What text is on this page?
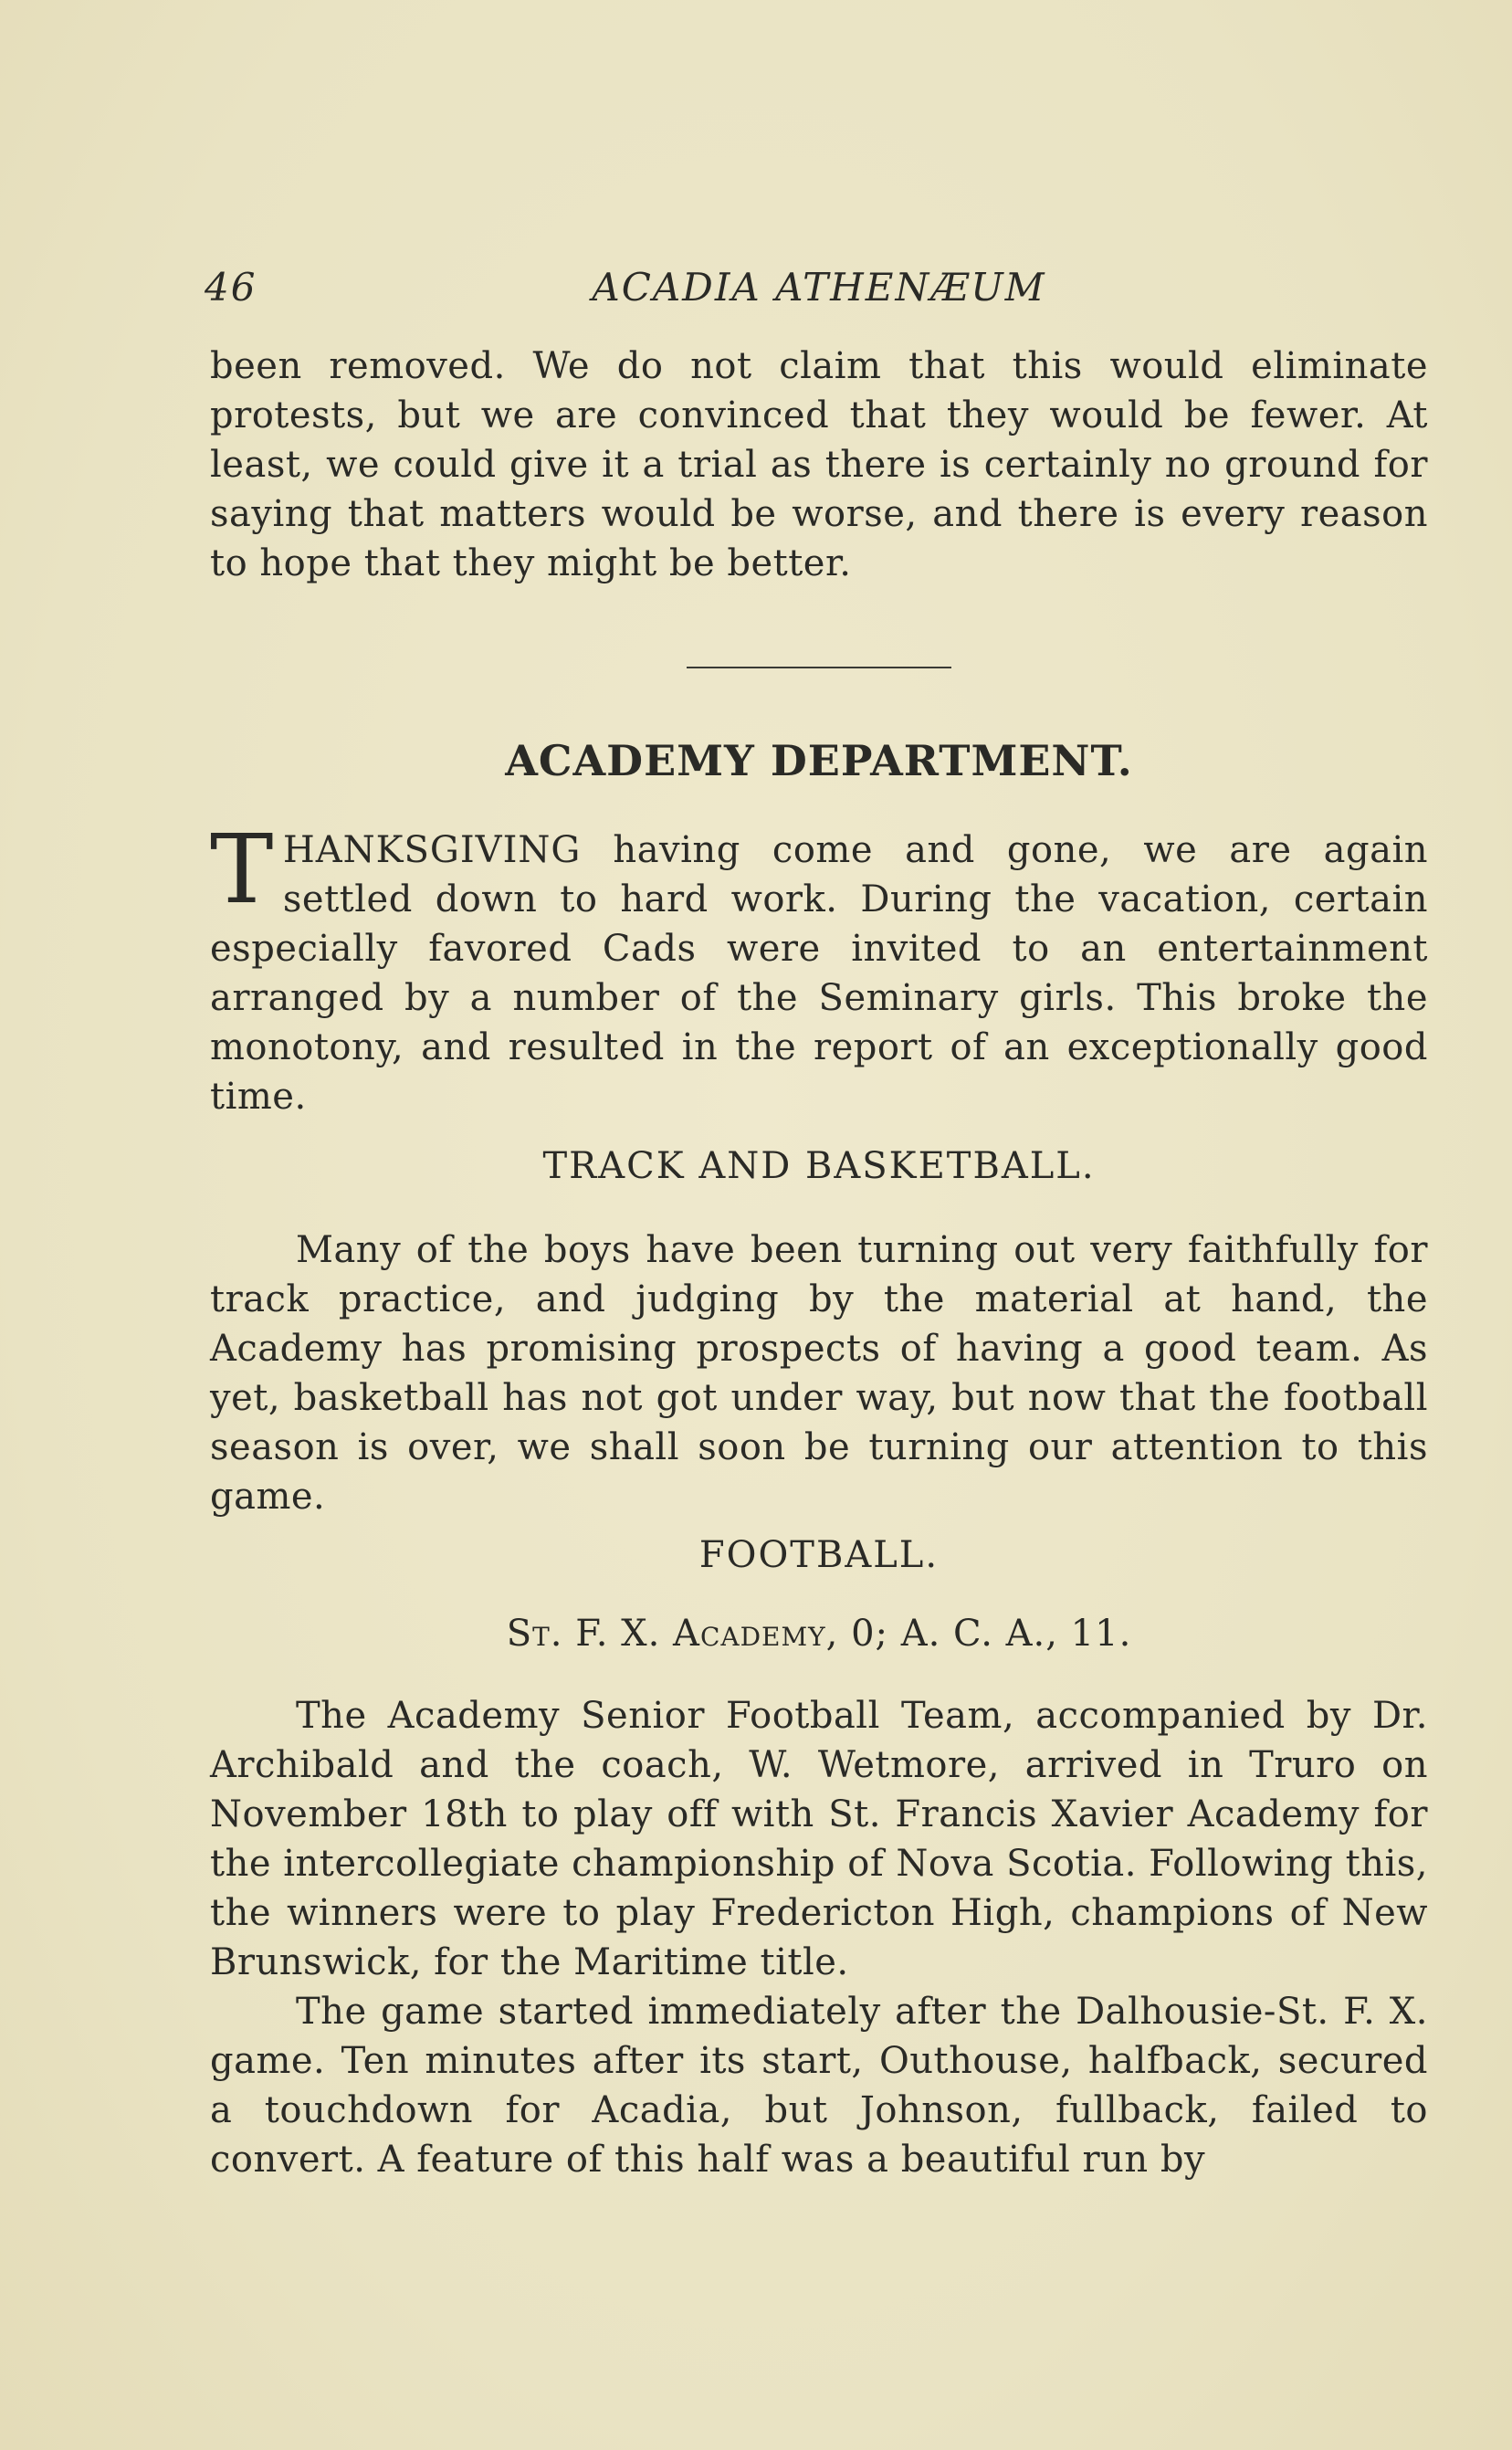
46	ACADIA ATHENÆUM

been removed. We do not claim that this would eliminate protests, but we are convinced that they would be fewer. At least, we could give it a trial as there is certainly no ground for saying that matters would be worse, and there is every reason to hope that they might be better.

ACADEMY DEPARTMENT.

THANKSGIVING having come and gone, we are again settled down to hard work. During the vacation, certain especially favored Cads were invited to an entertainment arranged by a number of the Seminary girls. This broke the monotony, and resulted in the report of an exceptionally good time.

TRACK AND BASKETBALL.

Many of the boys have been turning out very faithfully for track practice, and judging by the material at hand, the Academy has promising prospects of having a good team. As yet, basketball has not got under way, but now that the football season is over, we shall soon be turning our attention to this game.

FOOTBALL.
St. F. X. Academy, 0; A. C. A., 11.

The Academy Senior Football Team, accompanied by Dr. Archibald and the coach, W. Wetmore, arrived in Truro on November 18th to play off with St. Francis Xavier Academy for the intercollegiate championship of Nova Scotia. Following this, the winners were to play Fredericton High, champions of New Brunswick, for the Maritime title.

The game started immediately after the Dalhousie-St. F. X. game. Ten minutes after its start, Outhouse, halfback, secured a touchdown for Acadia, but Johnson, fullback, failed to convert. A feature of this half was a beautiful run by
